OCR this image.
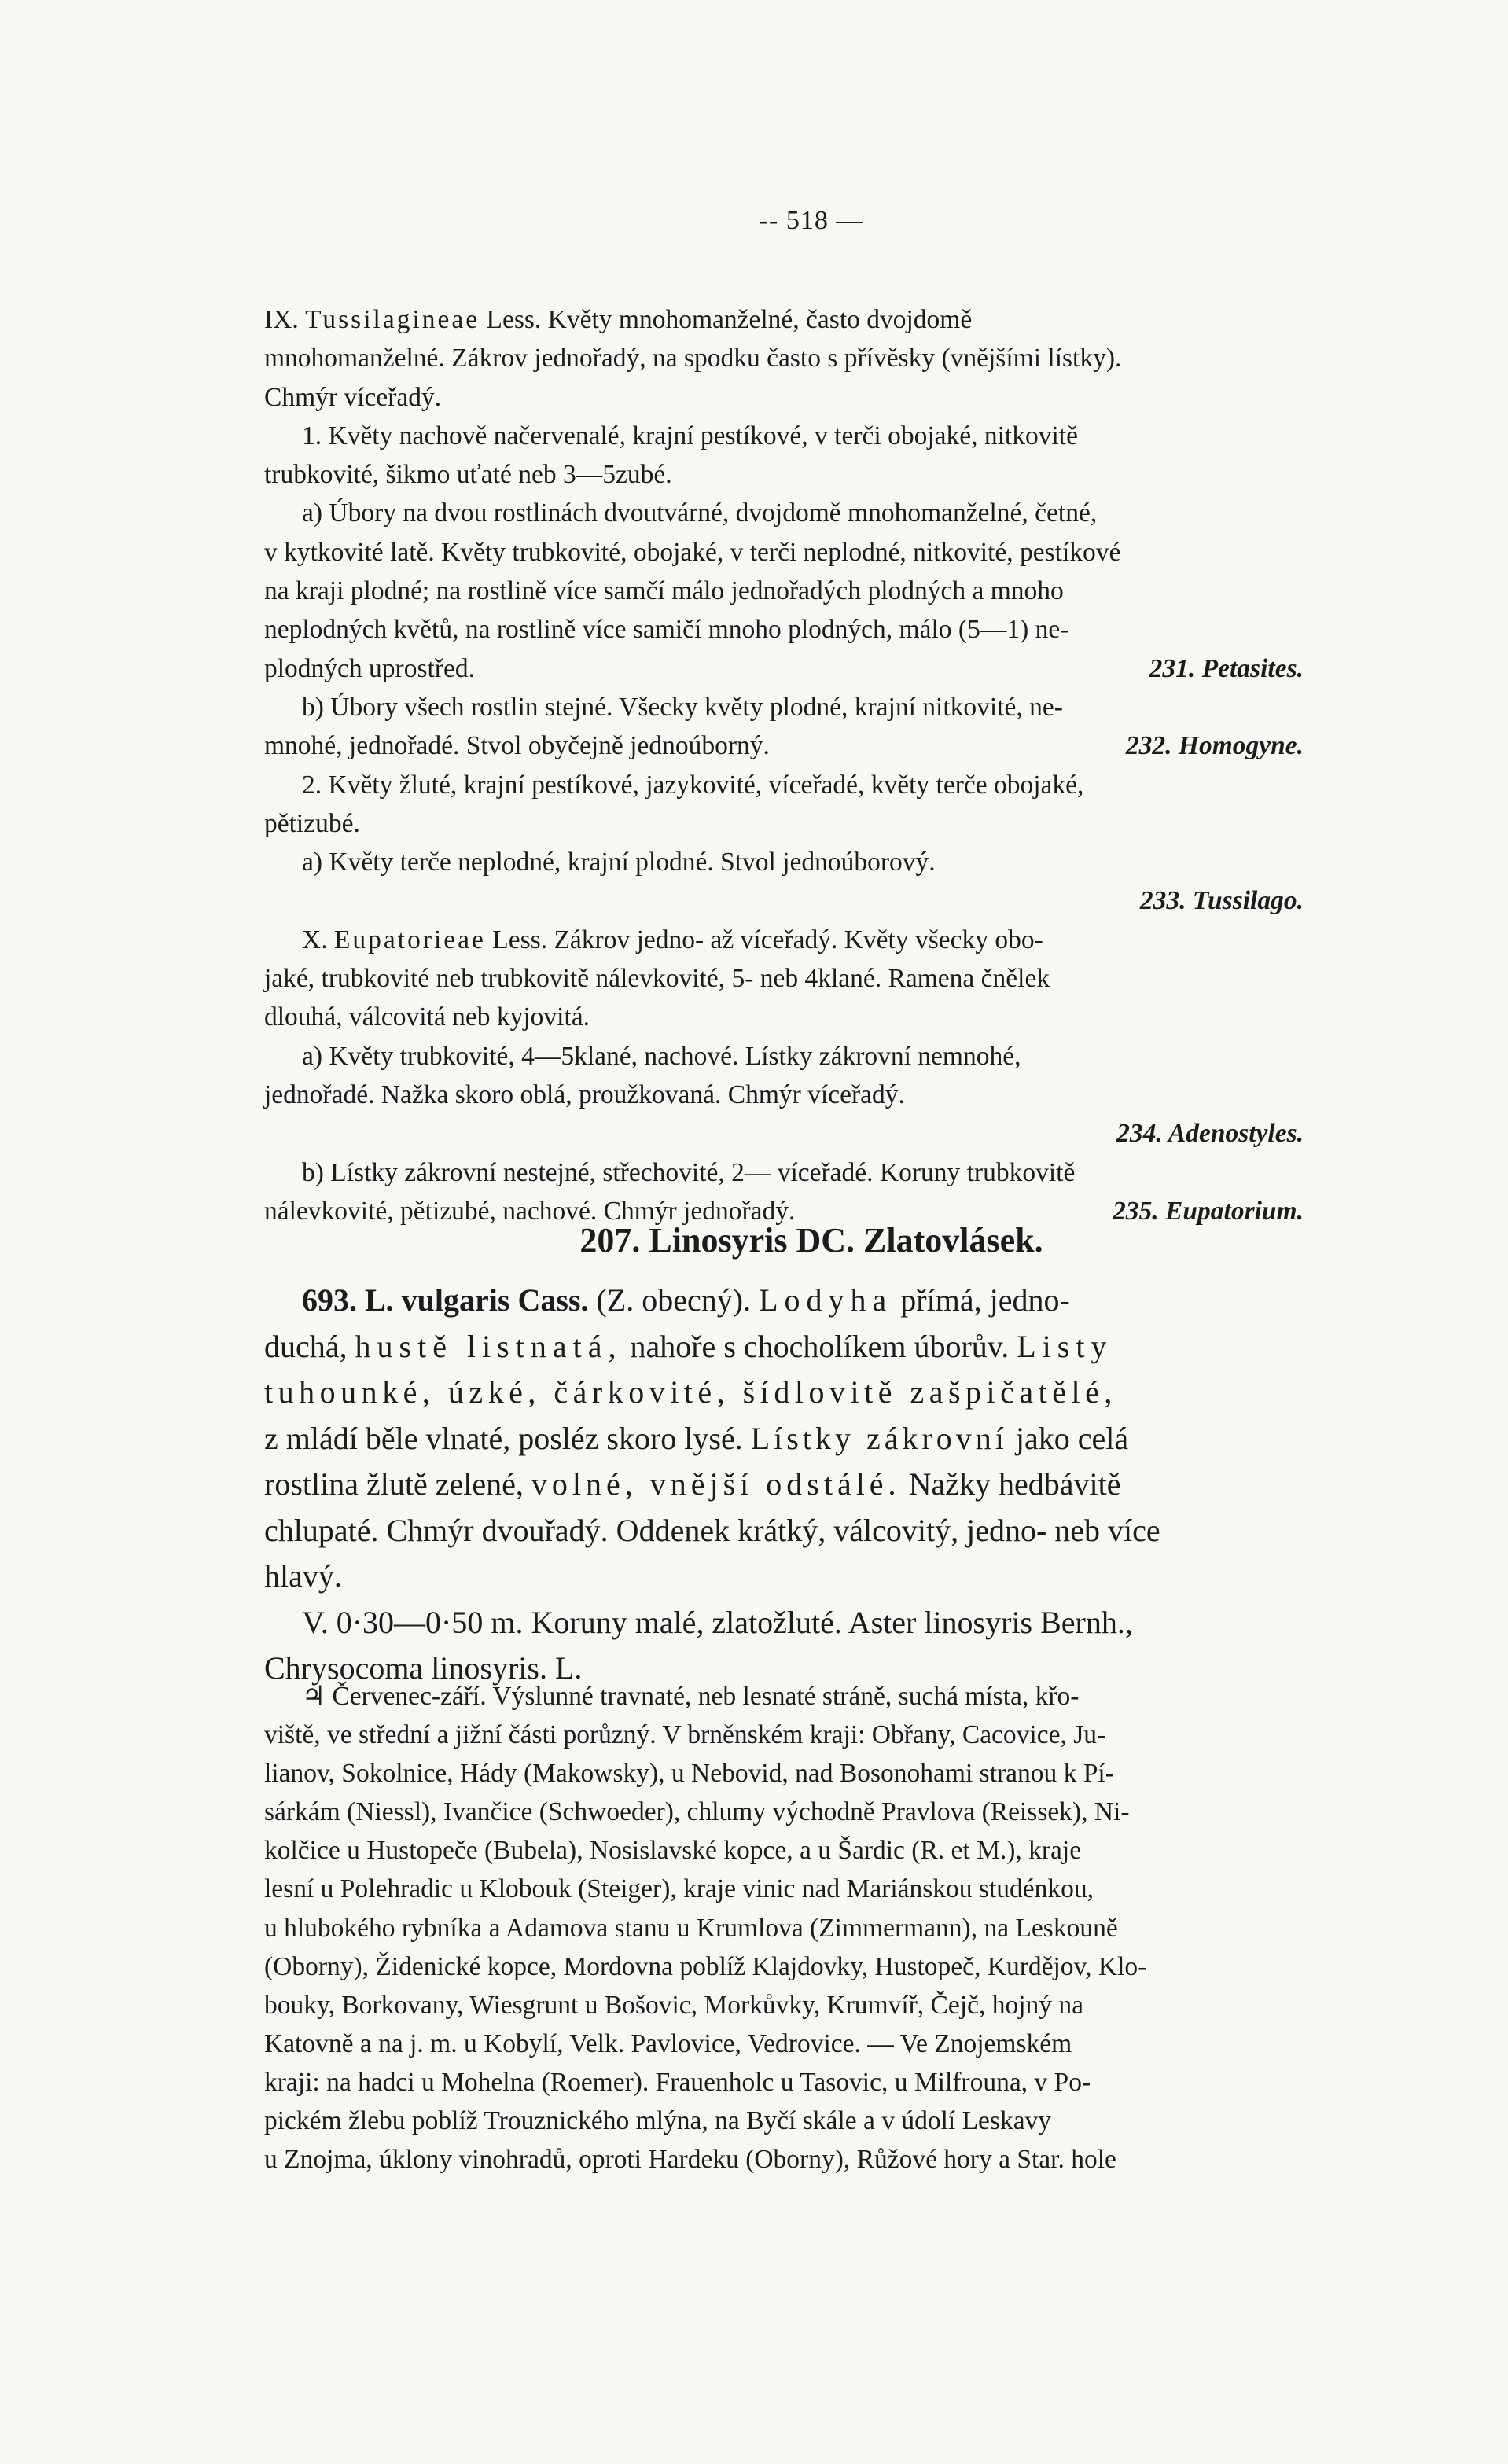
-- 518 —

IX. Tussilagineae Less. Květy mnohomanželné, často dvojdomě

mnohomanželné. Zákrov jednořadý, na spodku často s přívěsky (vnějšími lístky).

Chmýr víceřadý.

1. Květy nachově načervenalé, krajní pestíkové, v terči obojaké, nitkovitě

trubkovité, šikmo uťaté neb 3—5zubé.

a) Úbory na dvou rostlinách dvoutvárné, dvojdomě mnohomanželné, četné,

v kytkovité latě. Květy trubkovité, obojaké, v terči neplodné, nitkovité, pestíkové

na kraji plodné; na rostlině více samčí málo jednořadých plodných a mnoho

neplodných květů, na rostlině více samičí mnoho plodných, málo (5—1) ne-

plodných uprostřed.	231. Petasites.

b) Úbory všech rostlin stejné. Všecky květy plodné, krajní nitkovité, ne-

mnohé, jednořadé. Stvol obyčejně jednoúborný.	232. Homogyne.

2. Květy žluté, krajní pestíkové, jazykovité, víceřadé, květy terče obojaké,

pětizubé.

a) Květy terče neplodné, krajní plodné. Stvol jednoúborový.

233. Tussilago.

X. Eupatorieae Less. Zákrov jedno- až víceřadý. Květy všecky obo-

jaké, trubkovité neb trubkovitě nálevkovité, 5- neb 4klané. Ramena čnělek

dlouhá, válcovitá neb kyjovitá.

a) Květy trubkovité, 4—5klané, nachové. Lístky zákrovní nemnohé,

jednořadé. Nažka skoro oblá, proužkovaná. Chmýr víceřadý.

234. Adenostyles.

b) Lístky zákrovní nestejné, střechovité, 2— víceřadé. Koruny trubkovitě

nálevkovité, pětizubé, nachové. Chmýr jednořadý.	235. Eupatorium.

207. Linosyris DC. Zlatovlásek.

693. L. vulgaris Cass. (Z. obecný). Lodyha přímá, jedno-

duchá, hustě listnatá, nahoře s chocholíkem úborův. Listy

tuhounké, úzké, čárkovité, šídlovitě zašpičatělé,

z mládí běle vlnaté, posléz skoro lysé. Lístky zákrovní jako celá

rostlina žlutě zelené, volné, vnější odstálé. Nažky hedbávitě

chlupaté. Chmýr dvouřadý. Oddenek krátký, válcovitý, jedno- neb více

hlavý.

V. 0·30—0·50 m. Koruny malé, zlatožluté. Aster linosyris Bernh.,

Chrysocoma linosyris. L.

♃ Červenec-září. Výslunné travnaté, neb lesnaté stráně, suchá místa, křo-

viště, ve střední a jižní části porůzný. V brněnském kraji: Obřany, Cacovice, Ju-

lianov, Sokolnice, Hády (Makowsky), u Nebovid, nad Bosonohami stranou k Pí-

sárkám (Niessl), Ivančice (Schwoeder), chlumy východně Pravlova (Reissek), Ni-

kolčice u Hustopeče (Bubela), Nosislavské kopce, a u Šardic (R. et M.), kraje

lesní u Polehradic u Klobouk (Steiger), kraje vinic nad Mariánskou studénkou,

u hlubokého rybníka a Adamova stanu u Krumlova (Zimmermann), na Leskouně

(Oborny), Židenické kopce, Mordovna poblíž Klajdovky, Hustopeč, Kurdějov, Klo-

bouky, Borkovany, Wiesgrunt u Bošovic, Morkůvky, Krumvíř, Čejč, hojný na

Katovně a na j. m. u Kobylí, Velk. Pavlovice, Vedrovice. — Ve Znojemském

kraji: na hadci u Mohelna (Roemer). Frauenholc u Tasovic, u Milfrouna, v Po-

pickém žlebu poblíž Trouznického mlýna, na Byčí skále a v údolí Leskavy

u Znojma, úklony vinohradů, oproti Hardeku (Oborny), Růžové hory a Star. hole
